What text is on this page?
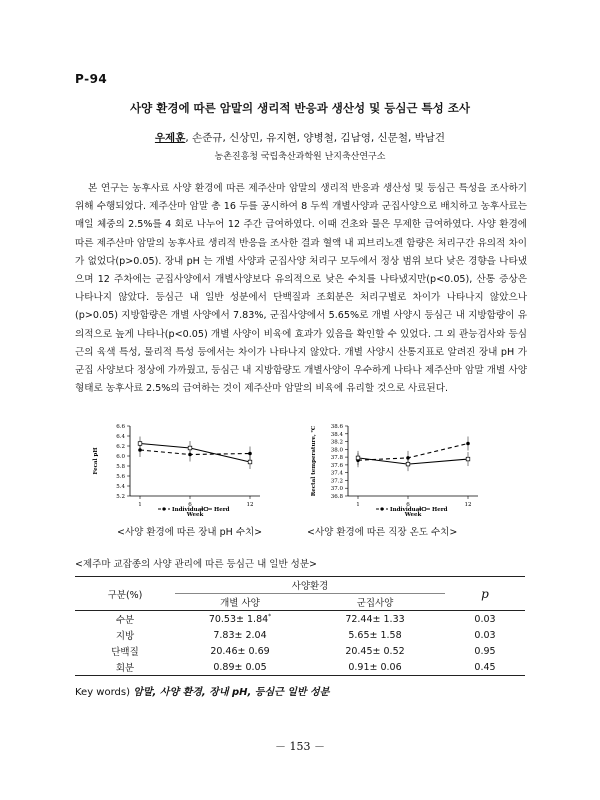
P-94
사양 환경에 따른 암말의 생리적 반응과 생산성 및 등심근 특성 조사
우제훈, 손준규, 신상민, 유지현, 양병철, 김남영, 신문철, 박남건
농촌진흥청 국립축산과학원 난지축산연구소

본 연구는 농후사료 사양 환경에 따른 제주산마 암말의 생리적 반응과 생산성 및 등심근 특성을 조사하기 위해 수행되었다. 제주산마 암말 총 16 두를 공시하여 8 두씩 개별사양과 군집사양으로 배치하고 농후사료는 매일 체중의 2.5%를 4 회로 나누어 12 주간 급여하였다. 이때 건초와 물은 무제한 급여하였다. 사양 환경에 따른 제주산마 암말의 농후사료 생리적 반응을 조사한 결과 혈액 내 피브리노겐 함량은 처리구간 유의적 차이가 없었다(p>0.05). 장내 pH 는 개별 사양과 군집사양 처리구 모두에서 정상 범위 보다 낮은 경향을 나타냈으며 12 주차에는 군집사양에서 개별사양보다 유의적으로 낮은 수치를 나타냈지만(p<0.05), 산통 증상은 나타나지 않았다. 등심근 내 일반 성분에서 단백질과 조회분은 처리구별로 차이가 나타나지 않았으나(p>0.05) 지방함량은 개별 사양에서 7.83%, 군집사양에서 5.65%로 개별 사양시 등심근 내 지방함량이 유의적으로 높게 나타나(p<0.05) 개별 사양이 비육에 효과가 있음을 확인할 수 있었다. 그 외 관능검사와 등심근의 육색 특성, 물리적 특성 등에서는 차이가 나타나지 않았다. 개별 사양시 산통지표로 알려진 장내 pH 가 군집 사양보다 정상에 가까웠고, 등심근 내 지방함량도 개별사양이 우수하게 나타나 제주산마 암말 개별 사양 형태로 농후사료 2.5%의 급여하는 것이 제주산마 암말의 비육에 유리할 것으로 사료된다.

5.2
5.4
5.6
5.8
6.0
6.2
6.4
6.6
1	6	12
Week
Fecal pH
Individual Herd
36.8
37.0
37.2
37.4
37.6
37.8
38.0
38.2
38.4
38.6
1	6	12
Week
Rectal temperature, ℃
Individual Herd
<사양 환경에 따른 장내 pH 수치>	<사양 환경에 따른 직장 온도 수치>
<제주마 교잡종의 사양 관리에 따른 등심근 내 일반 성분>
구분(%)	사양환경		p
	개별 사양	군집사양	
수분	70.53± 1.84*	72.44± 1.33	0.03
지방	7.83± 2.04	5.65± 1.58	0.03
단백질	20.46± 0.69	20.45± 0.52	0.95
회분	0.89± 0.05	0.91± 0.06	0.45
Key words) 암말, 사양 환경, 장내 pH, 등심근 일반 성분
－ 153 －
